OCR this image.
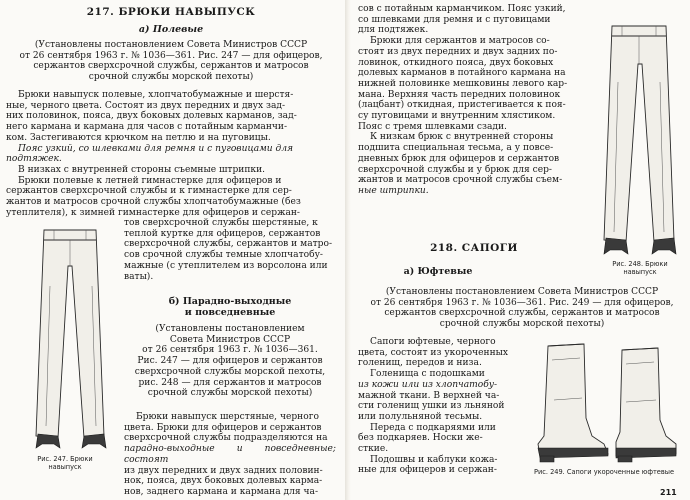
217. БРЮКИ НАВЫПУСК
а) Полевые
(Установлены постановлением Совета Министров СССР
от 26 сентября 1963 г. № 1036—361. Рис. 247 — для офицеров,
сержантов сверхсрочной службы, сержантов и матросов
срочной службы морской пехоты)
Брюки навыпуск полевые, хлопчатобумажные и шерстя-
ные, черного цвета. Состоят из двух передних и двух зад-
них половинок, пояса, двух боковых долевых карманов, зад-
него кармана и кармана для часов с потайным карманчи-
ком. Застегиваются крючком на петлю и на пуговицы.
Пояс узкий, со шлевками для ремня и с пуговицами для
подтяжек.
В низках с внутренней стороны съемные штрипки.
Брюки полевые к летней гимнастерке для офицеров и
сержантов сверхсрочной службы и к гимнастерке для сер-
жантов и матросов срочной службы хлопчатобумажные (без
утеплителя), к зимней гимнастерке для офицеров и сержан-
тов сверхсрочной службы шерстяные, к
теплой куртке для офицеров, сержантов
сверхсрочной службы, сержантов и матро-
сов срочной службы темные хлопчатобу-
мажные (с утеплителем из ворсолона или
ваты).
б) Парадно-выходные
и повседневные
(Установлены постановлением
Совета Министров СССР
от 26 сентября 1963 г. № 1036—361.
Рис. 247 — для офицеров и сержантов
сверхсрочной службы морской пехоты,
рис. 248 — для сержантов и матросов
срочной службы морской пехоты)
Брюки навыпуск шерстяные, черного
цвета. Брюки для офицеров и сержантов
сверхсрочной службы подразделяются на
парадно-выходные и повседневные; состоят
из двух передних и двух задних половин-
нок, пояса, двух боковых долевых карма-
нов, заднего кармана и кармана для ча-
Рис. 247. Брюки
навыпуск
сов с потайным карманчиком. Пояс узкий,
со шлевками для ремня и с пуговицами
для подтяжек.
Брюки для сержантов и матросов со-
стоят из двух передних и двух задних по-
ловинок, откидного пояса, двух боковых
долевых карманов в потайного кармана на
нижней половинке мешковины левого кар-
мана. Верхняя часть передних половинок
(лацбант) откидная, пристегивается к поя-
су пуговицами и внутренним хлястиком.
Пояс с тремя шлевками сзади.
К низкам брюк с внутренней стороны
подшита специальная тесьма, а у повсе-
дневных брюк для офицеров и сержантов
сверхсрочной службы и у брюк для сер-
жантов и матросов срочной службы съем-
ные штрипки.
Рис. 248. Брюки
навыпуск
218. САПОГИ
а) Юфтевые
(Установлены постановлением Совета Министров СССР
от 26 сентября 1963 г. № 1036—361. Рис. 249 — для офицеров,
сержантов сверхсрочной службы, сержантов и матросов
срочной службы морской пехоты)
Сапоги юфтевые, черного
цвета, состоят из укороченных
голенищ, передов и низа.
Голенища с подошками
из кожи или из хлопчатобу-
мажной ткани. В верхней ча-
сти голенищ ушки из льняной
или полульняной тесьмы.
Переда с подкаряями или
без подкаряев. Носки же-
сткие.
Подошвы и каблуки кожа-
ные для офицеров и сержан-	Рис. 249. Сапоги укороченные юфтевые
211
